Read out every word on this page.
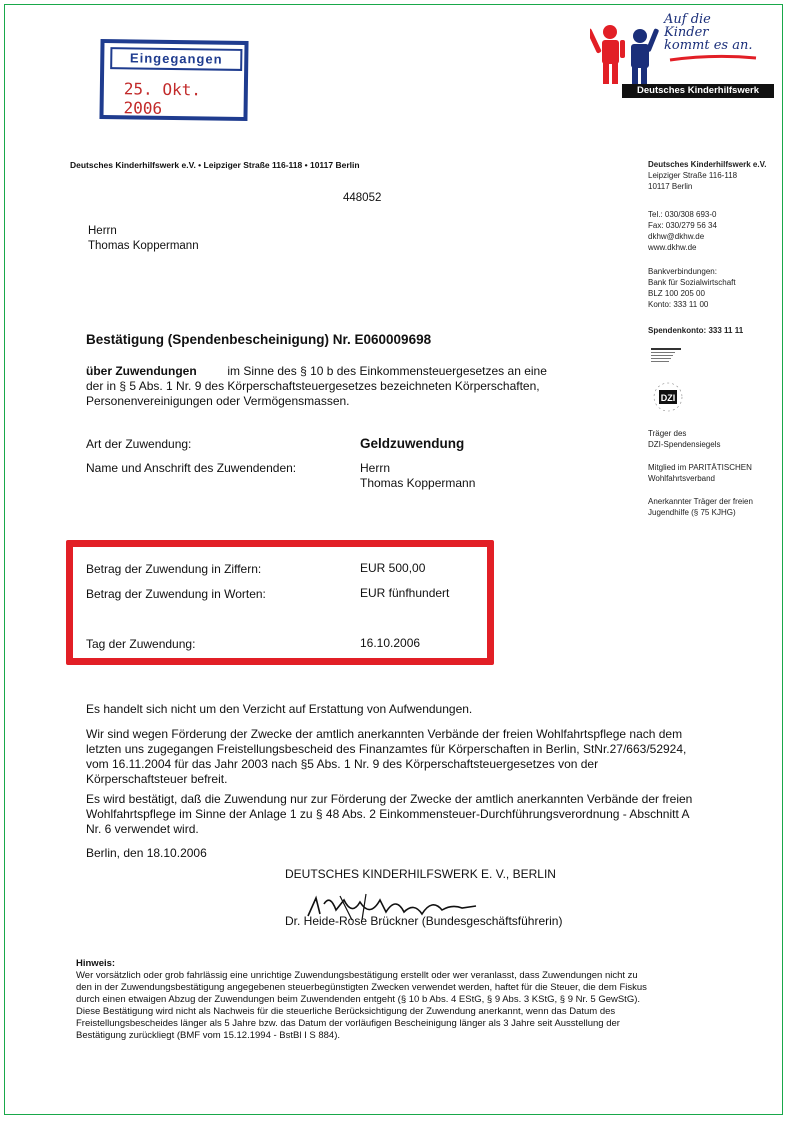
Eingegangen
25. Okt. 2006
Auf die
Kinder
kommt es an.
Deutsches Kinderhilfswerk
Deutsches Kinderhilfswerk e.V. • Leipziger Straße 116-118 • 10117 Berlin
448052
Herrn
Thomas Koppermann
Deutsches Kinderhilfswerk e.V.
Leipziger Straße 116-118
10117 Berlin
Tel.: 030/308 693-0
Fax: 030/279 56 34
dkhw@dkhw.de
www.dkhw.de
Bankverbindungen:
Bank für Sozialwirtschaft
BLZ 100 205 00
Konto: 333 11 00
Spendenkonto: 333 11 11
DZI
Träger des
DZI-Spendensiegels
Mitglied im PARITÄTISCHEN
Wohlfahrtsverband
Anerkannter Träger der freien
Jugendhilfe (§ 75 KJHG)
Bestätigung (Spendenbescheinigung) Nr. E060009698
über Zuwendungen	im Sinne des § 10 b des Einkommensteuergesetzes an eine
der in § 5 Abs. 1 Nr. 9 des Körperschaftsteuergesetzes bezeichneten Körperschaften,
Personenvereinigungen oder Vermögensmassen.
Art der Zuwendung:	Geldzuwendung
Name und Anschrift des Zuwendenden:	Herrn
Thomas Koppermann
Betrag der Zuwendung in Ziffern:	EUR 500,00
Betrag der Zuwendung in Worten:	EUR fünfhundert
Tag der Zuwendung:	16.10.2006
Es handelt sich nicht um den Verzicht auf Erstattung von Aufwendungen.
Wir sind wegen Förderung der Zwecke der amtlich anerkannten Verbände der freien Wohlfahrtspflege nach dem
letzten uns zugegangen Freistellungsbescheid des Finanzamtes für Körperschaften in Berlin, StNr.27/663/52924,
vom 16.11.2004 für das Jahr 2003 nach §5 Abs. 1 Nr. 9 des Körperschaftsteuergesetzes von der
Körperschaftsteuer befreit.
Es wird bestätigt, daß die Zuwendung nur zur Förderung der Zwecke der amtlich anerkannten Verbände der freien
Wohlfahrtspflege im Sinne der Anlage 1 zu § 48 Abs. 2 Einkommensteuer-Durchführungsverordnung - Abschnitt A
Nr. 6 verwendet wird.
Berlin, den 18.10.2006
DEUTSCHES KINDERHILFSWERK E. V., BERLIN
Dr. Heide-Rose Brückner (Bundesgeschäftsführerin)
Hinweis:
Wer vorsätzlich oder grob fahrlässig eine unrichtige Zuwendungsbestätigung erstellt oder wer veranlasst, dass Zuwendungen nicht zu
den in der Zuwendungsbestätigung angegebenen steuerbegünstigten Zwecken verwendet werden, haftet für die Steuer, die dem Fiskus
durch einen etwaigen Abzug der Zuwendungen beim Zuwendenden entgeht (§ 10 b Abs. 4 EStG, § 9 Abs. 3 KStG, § 9 Nr. 5 GewStG).
Diese Bestätigung wird nicht als Nachweis für die steuerliche Berücksichtigung der Zuwendung anerkannt, wenn das Datum des
Freistellungsbescheides länger als 5 Jahre bzw. das Datum der vorläufigen Bescheinigung länger als 3 Jahre seit Ausstellung der
Bestätigung zurückliegt (BMF vom 15.12.1994 - BstBl I S 884).
